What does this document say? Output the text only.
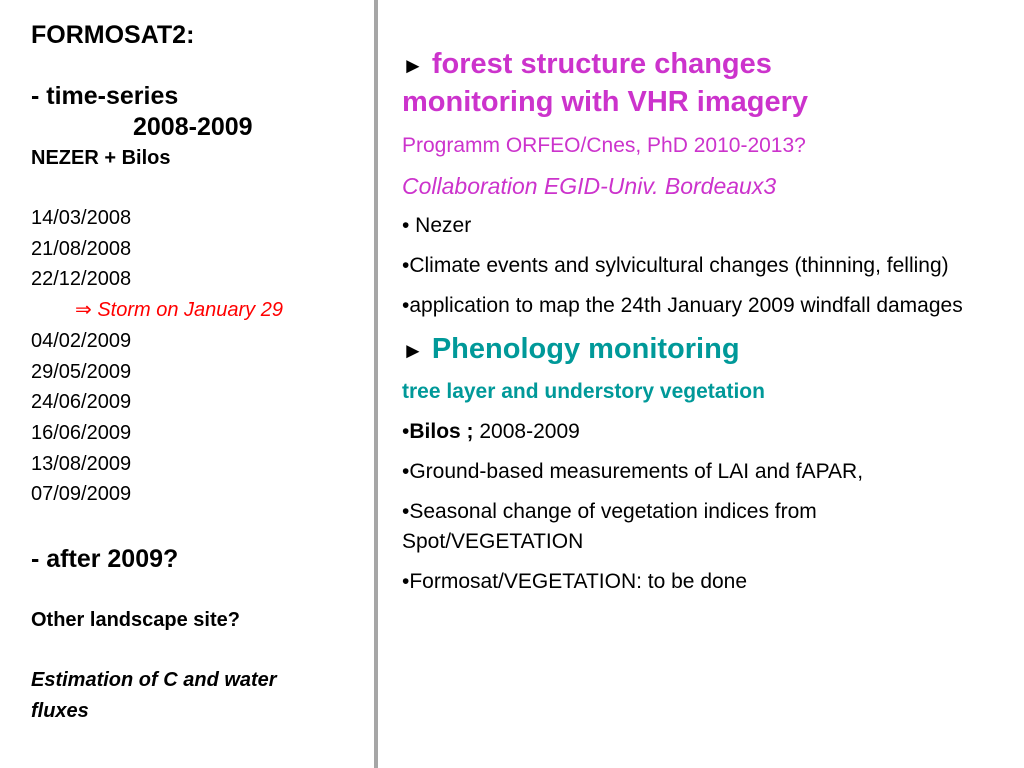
FORMOSAT2:
- time-series
2008-2009
NEZER + Bilos
14/03/2008
21/08/2008
22/12/2008
⇒ Storm on January 29
04/02/2009
29/05/2009
24/06/2009
16/06/2009
13/08/2009
07/09/2009
- after 2009?
Other landscape site?
Estimation of C and water
fluxes
► forest structure changes
monitoring with VHR imagery
Programm ORFEO/Cnes, PhD 2010-2013?
Collaboration EGID-Univ. Bordeaux3
• Nezer
•Climate events and sylvicultural changes (thinning, felling)
•application to map the 24th January 2009 windfall damages
► Phenology monitoring
tree layer and understory vegetation
•Bilos ; 2008-2009
•Ground-based measurements of LAI and fAPAR,
•Seasonal change of vegetation indices from Spot/VEGETATION
•Formosat/VEGETATION: to be done
